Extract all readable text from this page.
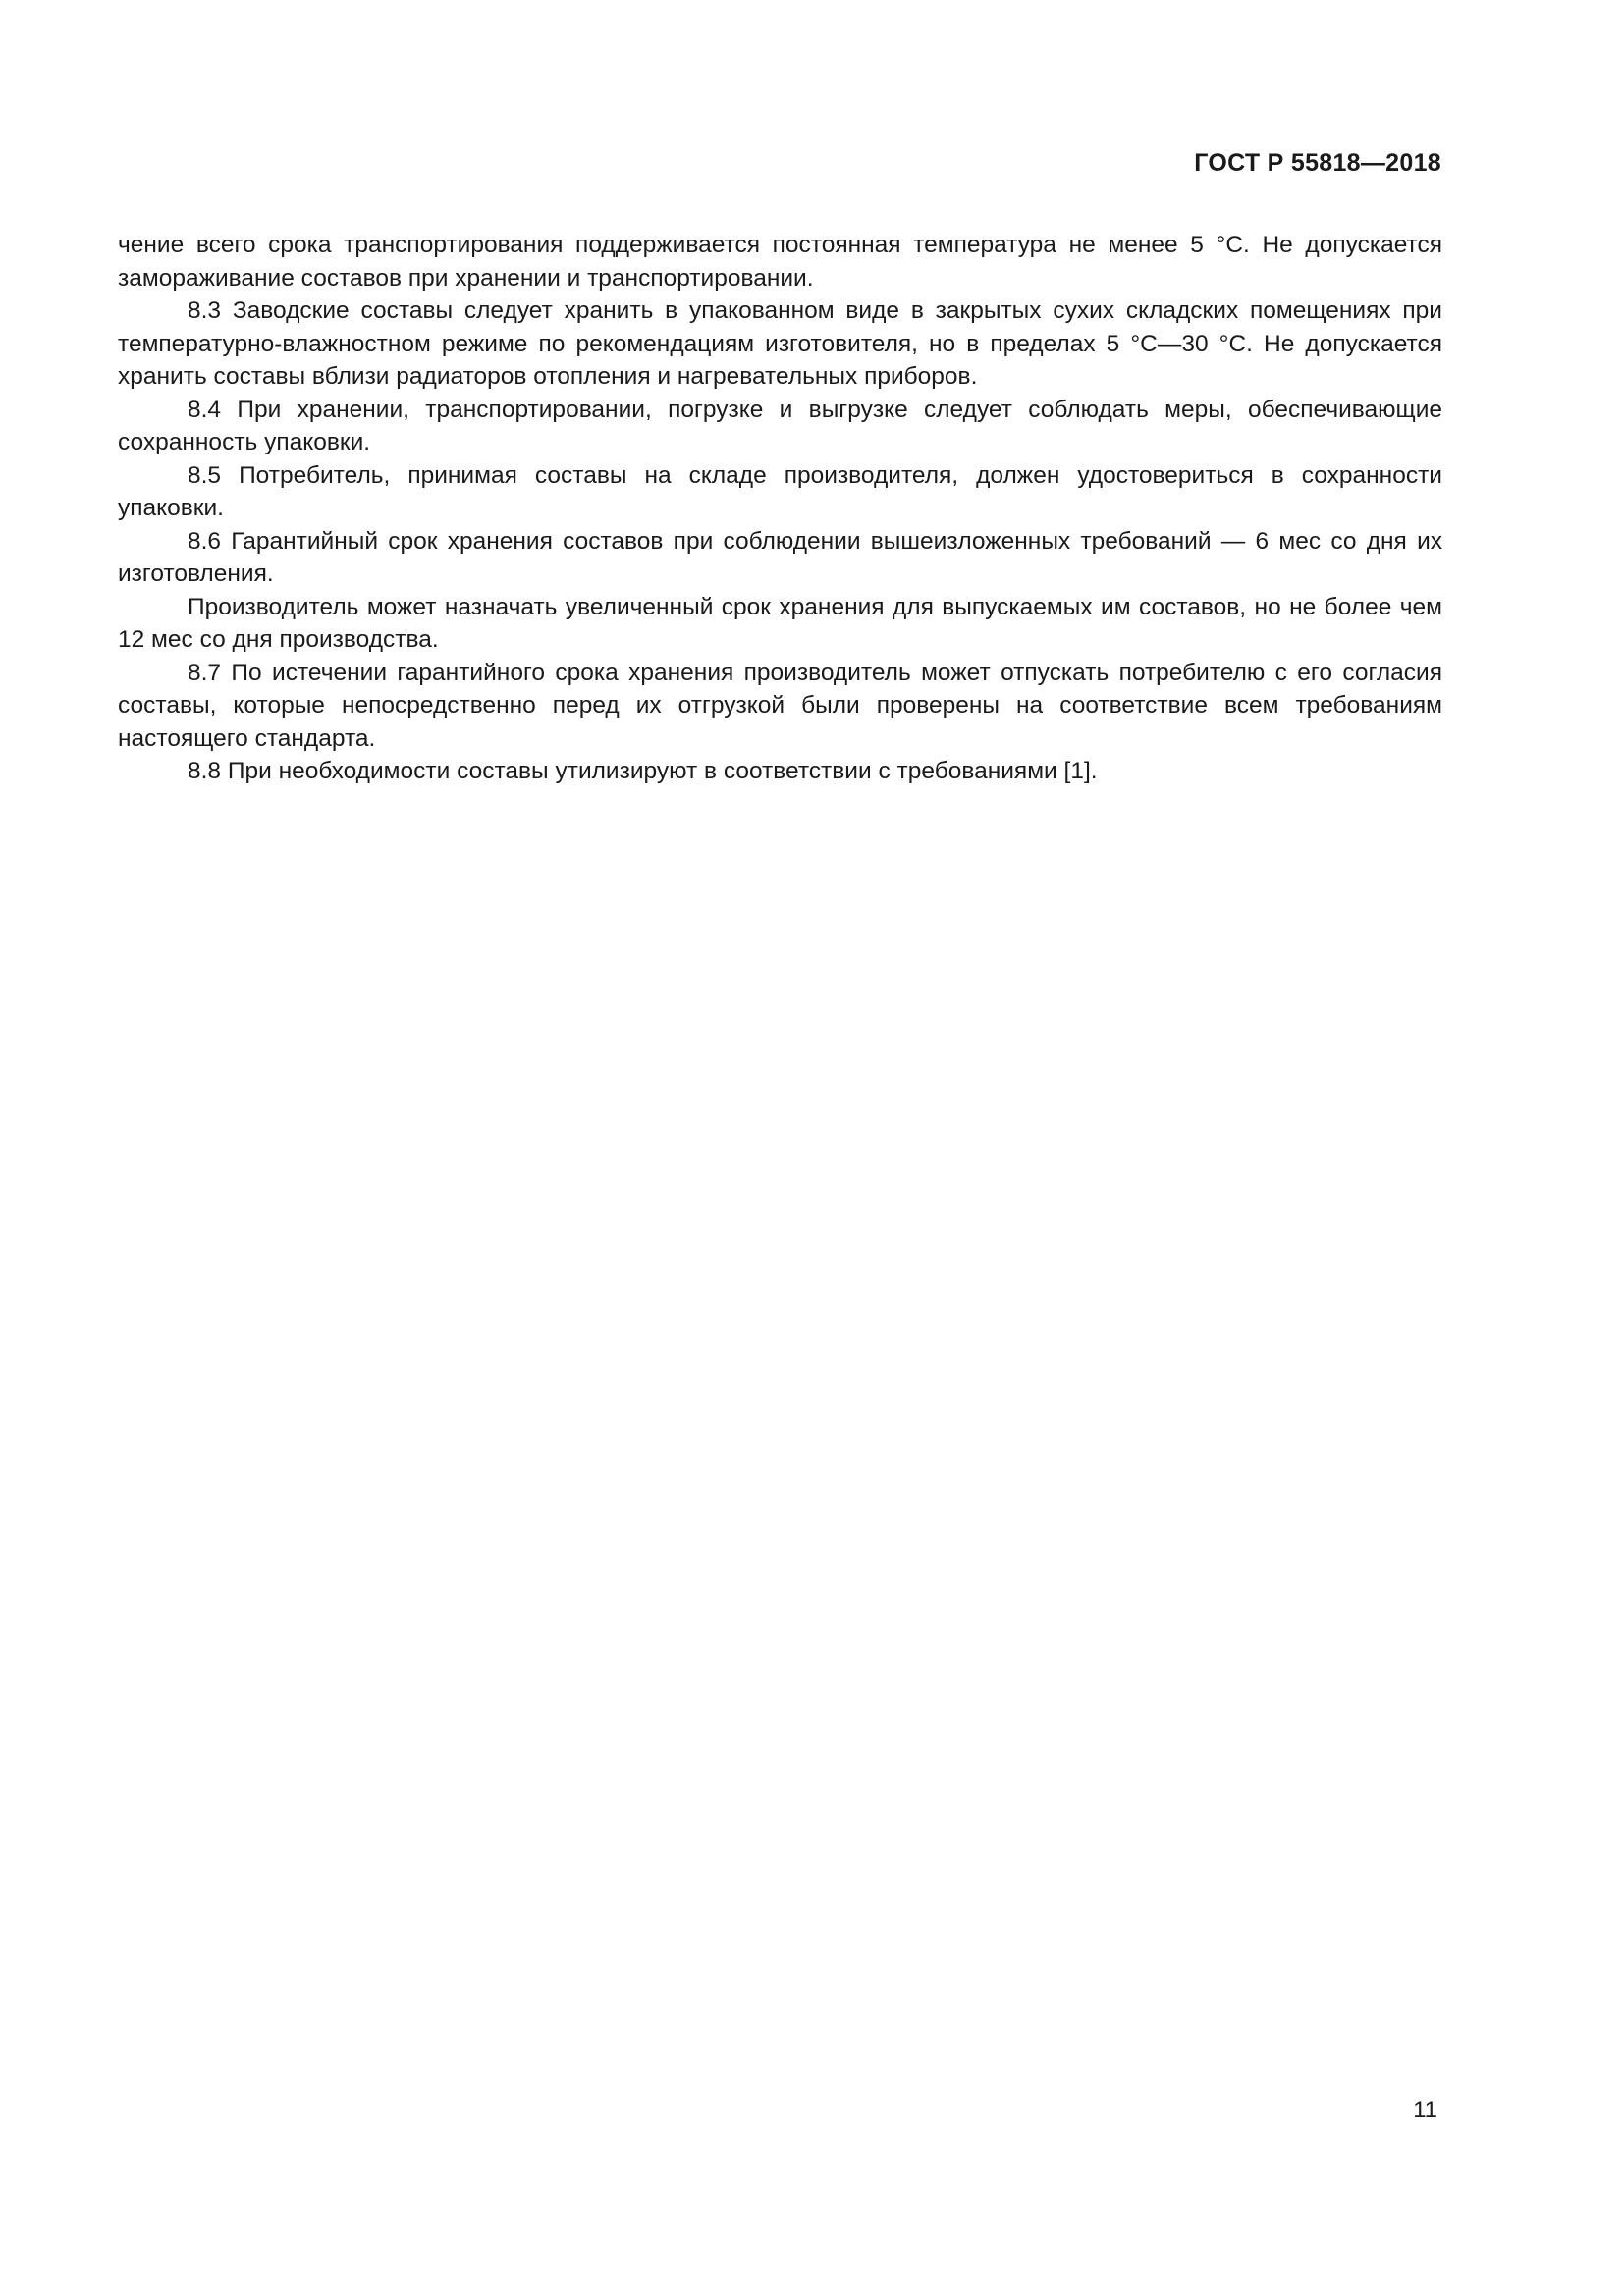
ГОСТ Р 55818—2018

чение всего срока транспортирования поддерживается постоянная температура не менее 5 °С. Не допускается замораживание составов при хранении и транспортировании.

8.3 Заводские составы следует хранить в упакованном виде в закрытых сухих складских помещениях при температурно-влажностном режиме по рекомендациям изготовителя, но в пределах 5 °С—30 °С. Не допускается хранить составы вблизи радиаторов отопления и нагревательных приборов.

8.4 При хранении, транспортировании, погрузке и выгрузке следует соблюдать меры, обеспечивающие сохранность упаковки.

8.5 Потребитель, принимая составы на складе производителя, должен удостовериться в сохранности упаковки.

8.6 Гарантийный срок хранения составов при соблюдении вышеизложенных требований — 6 мес со дня их изготовления.

Производитель может назначать увеличенный срок хранения для выпускаемых им составов, но не более чем 12 мес со дня производства.

8.7 По истечении гарантийного срока хранения производитель может отпускать потребителю с его согласия составы, которые непосредственно перед их отгрузкой были проверены на соответствие всем требованиям настоящего стандарта.

8.8 При необходимости составы утилизируют в соответствии с требованиями [1].

11
